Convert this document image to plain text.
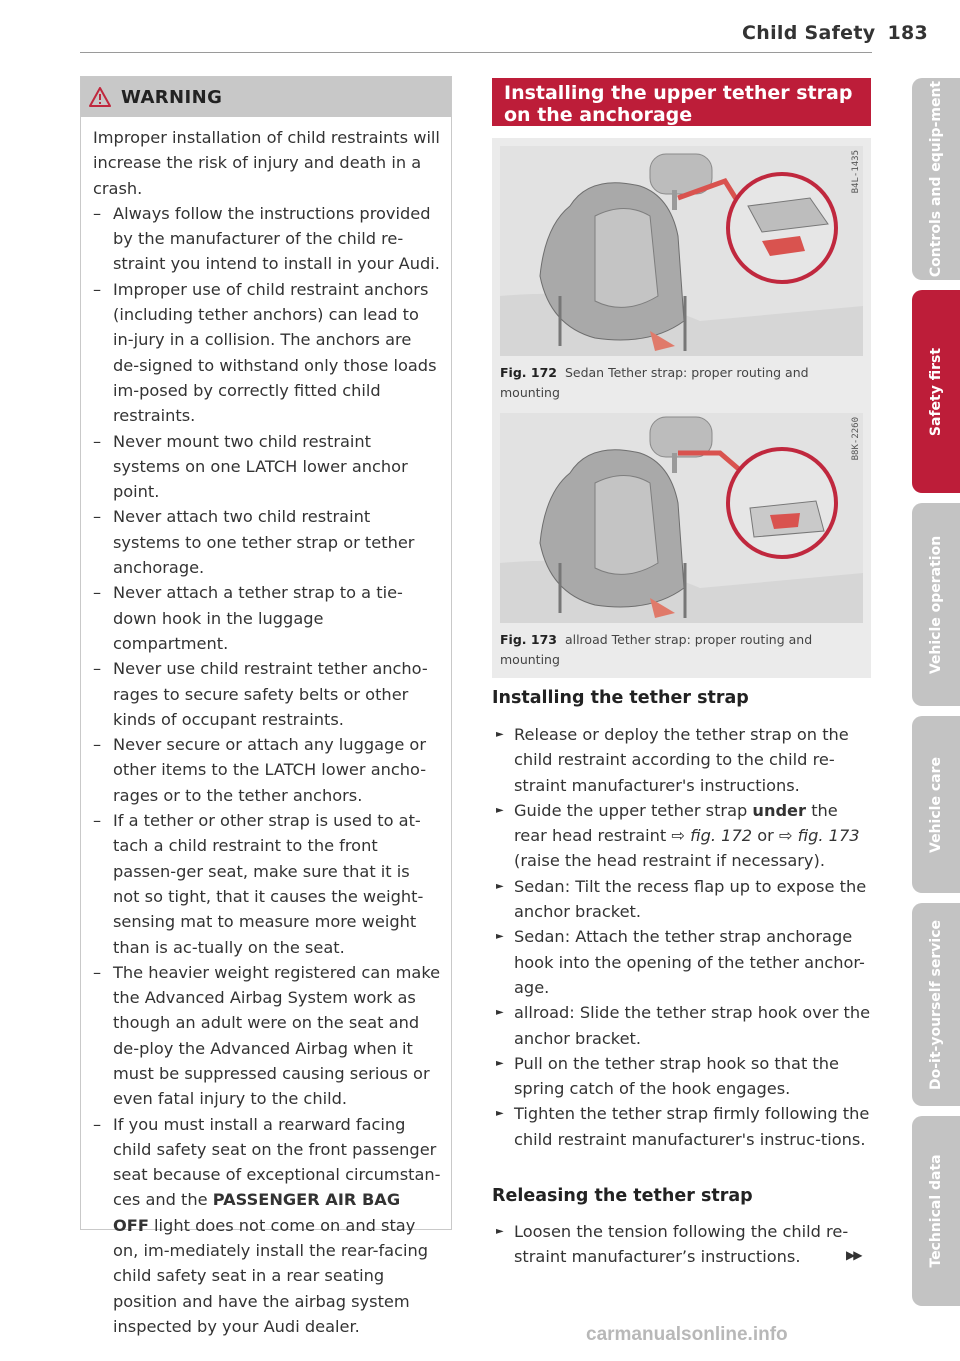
Child Safety 183
WARNING

Improper installation of child restraints will increase the risk of injury and death in a crash.

– Always follow the instructions provided by the manufacturer of the child re-straint you intend to install in your Audi.
– Improper use of child restraint anchors (including tether anchors) can lead to in-jury in a collision. The anchors are de-signed to withstand only those loads im-posed by correctly fitted child restraints.
– Never mount two child restraint systems on one LATCH lower anchor point.
– Never attach two child restraint systems to one tether strap or tether anchorage.
– Never attach a tether strap to a tie-down hook in the luggage compartment.
– Never use child restraint tether ancho-rages to secure safety belts or other kinds of occupant restraints.
– Never secure or attach any luggage or other items to the LATCH lower ancho-rages or to the tether anchors.
– If a tether or other strap is used to at-tach a child restraint to the front passen-ger seat, make sure that it is not so tight, that it causes the weight-sensing mat to measure more weight than is ac-tually on the seat.
– The heavier weight registered can make the Advanced Airbag System work as though an adult were on the seat and de-ploy the Advanced Airbag when it must be suppressed causing serious or even fatal injury to the child.
– If you must install a rearward facing child safety seat on the front passenger seat because of exceptional circumstan-ces and the PASSENGER AIR BAG OFF light does not come on and stay on, im-mediately install the rear-facing child safety seat in a rear seating position and have the airbag system inspected by your Audi dealer.
Installing the upper tether strap on the anchorage
B4L-1435
Fig. 172 Sedan Tether strap: proper routing and mounting
B8K-2260
Fig. 173 allroad Tether strap: proper routing and mounting
Installing the tether strap
► Release or deploy the tether strap on the child restraint according to the child re-straint manufacturer's instructions.
► Guide the upper tether strap under the rear head restraint ⇨ fig. 172 or ⇨ fig. 173 (raise the head restraint if necessary).
► Sedan: Tilt the recess flap up to expose the anchor bracket.
► Sedan: Attach the tether strap anchorage hook into the opening of the tether anchor-age.
► allroad: Slide the tether strap hook over the anchor bracket.
► Pull on the tether strap hook so that the spring catch of the hook engages.
► Tighten the tether strap firmly following the child restraint manufacturer's instruc-tions.
Releasing the tether strap
► Loosen the tension following the child re-straint manufacturer’s instructions.	▶▶
Controls and equip-ment
Safety first
Vehicle operation
Vehicle care
Do-it-yourself service
Technical data
carmanualsonline.info
